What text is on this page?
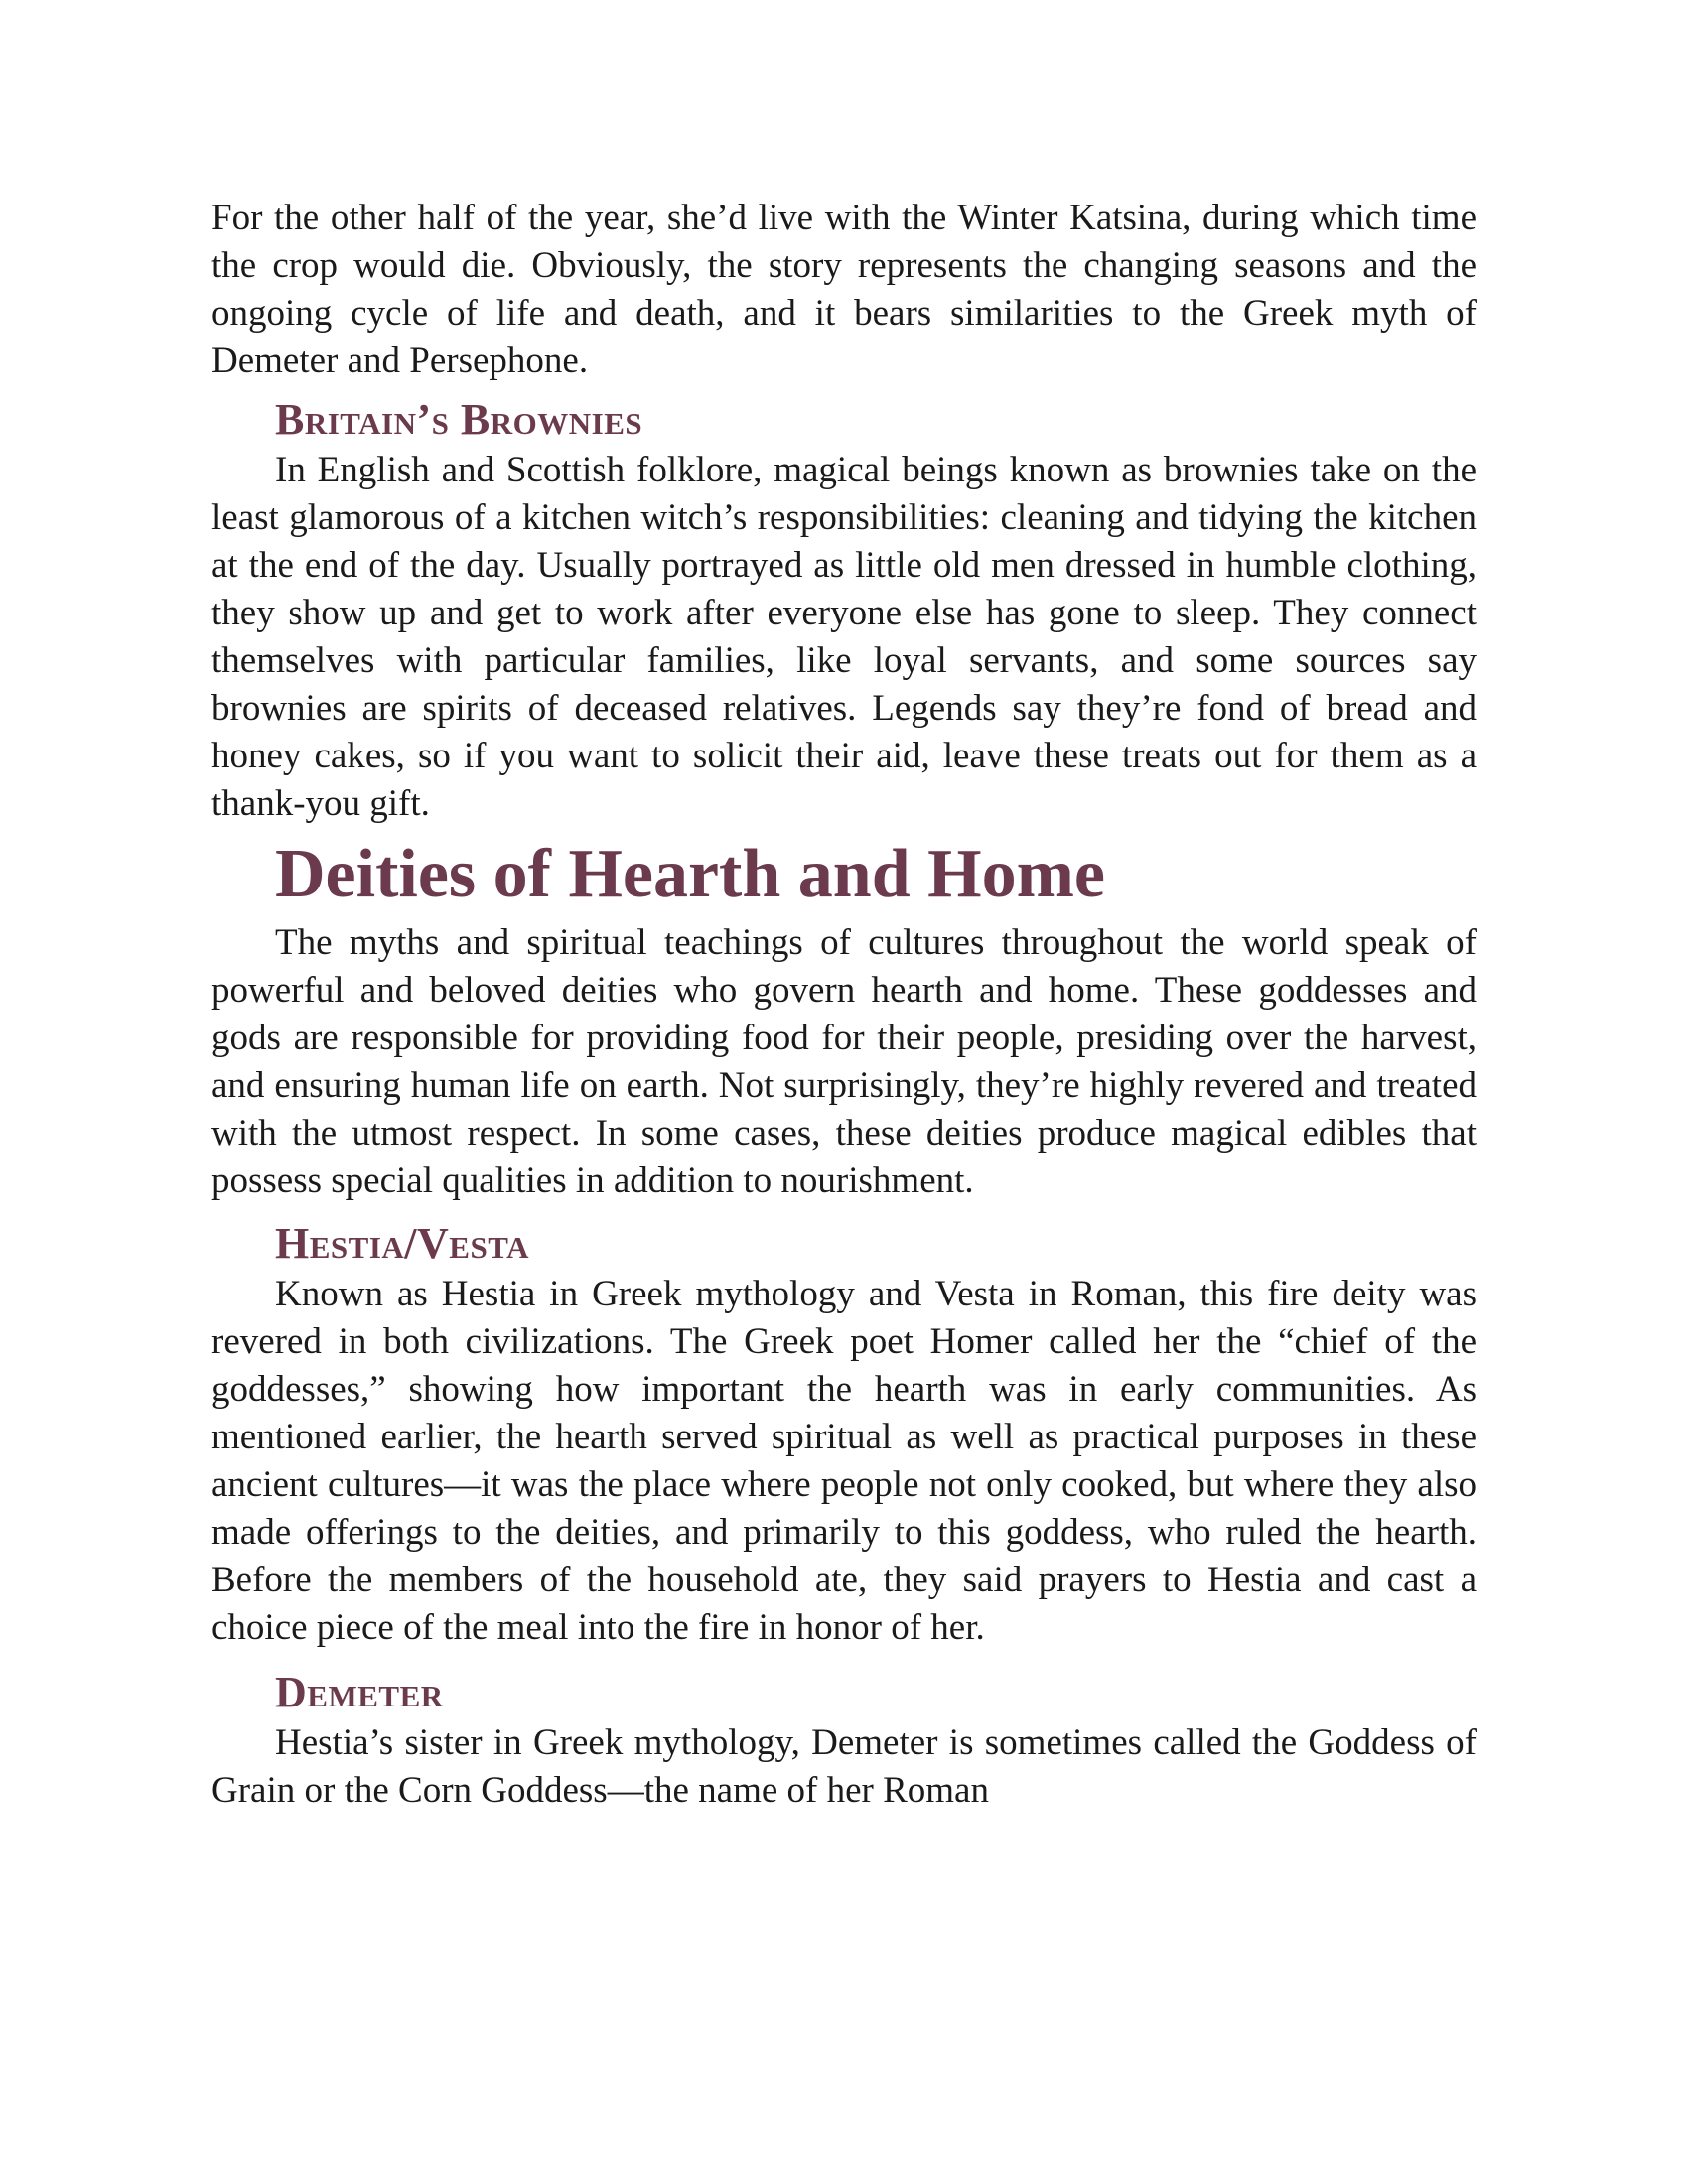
For the other half of the year, she’d live with the Winter Katsina, during which time the crop would die. Obviously, the story represents the changing seasons and the ongoing cycle of life and death, and it bears similarities to the Greek myth of Demeter and Persephone.

Britain’s Brownies

In English and Scottish folklore, magical beings known as brownies take on the least glamorous of a kitchen witch’s responsibilities: cleaning and tidying the kitchen at the end of the day. Usually portrayed as little old men dressed in humble clothing, they show up and get to work after everyone else has gone to sleep. They connect themselves with particular families, like loyal servants, and some sources say brownies are spirits of deceased relatives. Legends say they’re fond of bread and honey cakes, so if you want to solicit their aid, leave these treats out for them as a thank-you gift.

Deities of Hearth and Home

The myths and spiritual teachings of cultures throughout the world speak of powerful and beloved deities who govern hearth and home. These goddesses and gods are responsible for providing food for their people, presiding over the harvest, and ensuring human life on earth. Not surprisingly, they’re highly revered and treated with the utmost respect. In some cases, these deities produce magical edibles that possess special qualities in addition to nourishment.

Hestia/Vesta

Known as Hestia in Greek mythology and Vesta in Roman, this fire deity was revered in both civilizations. The Greek poet Homer called her the “chief of the goddesses,” showing how important the hearth was in early communities. As mentioned earlier, the hearth served spiritual as well as practical purposes in these ancient cultures—it was the place where people not only cooked, but where they also made offerings to the deities, and primarily to this goddess, who ruled the hearth. Before the members of the household ate, they said prayers to Hestia and cast a choice piece of the meal into the fire in honor of her.

Demeter

Hestia’s sister in Greek mythology, Demeter is sometimes called the Goddess of Grain or the Corn Goddess—the name of her Roman
